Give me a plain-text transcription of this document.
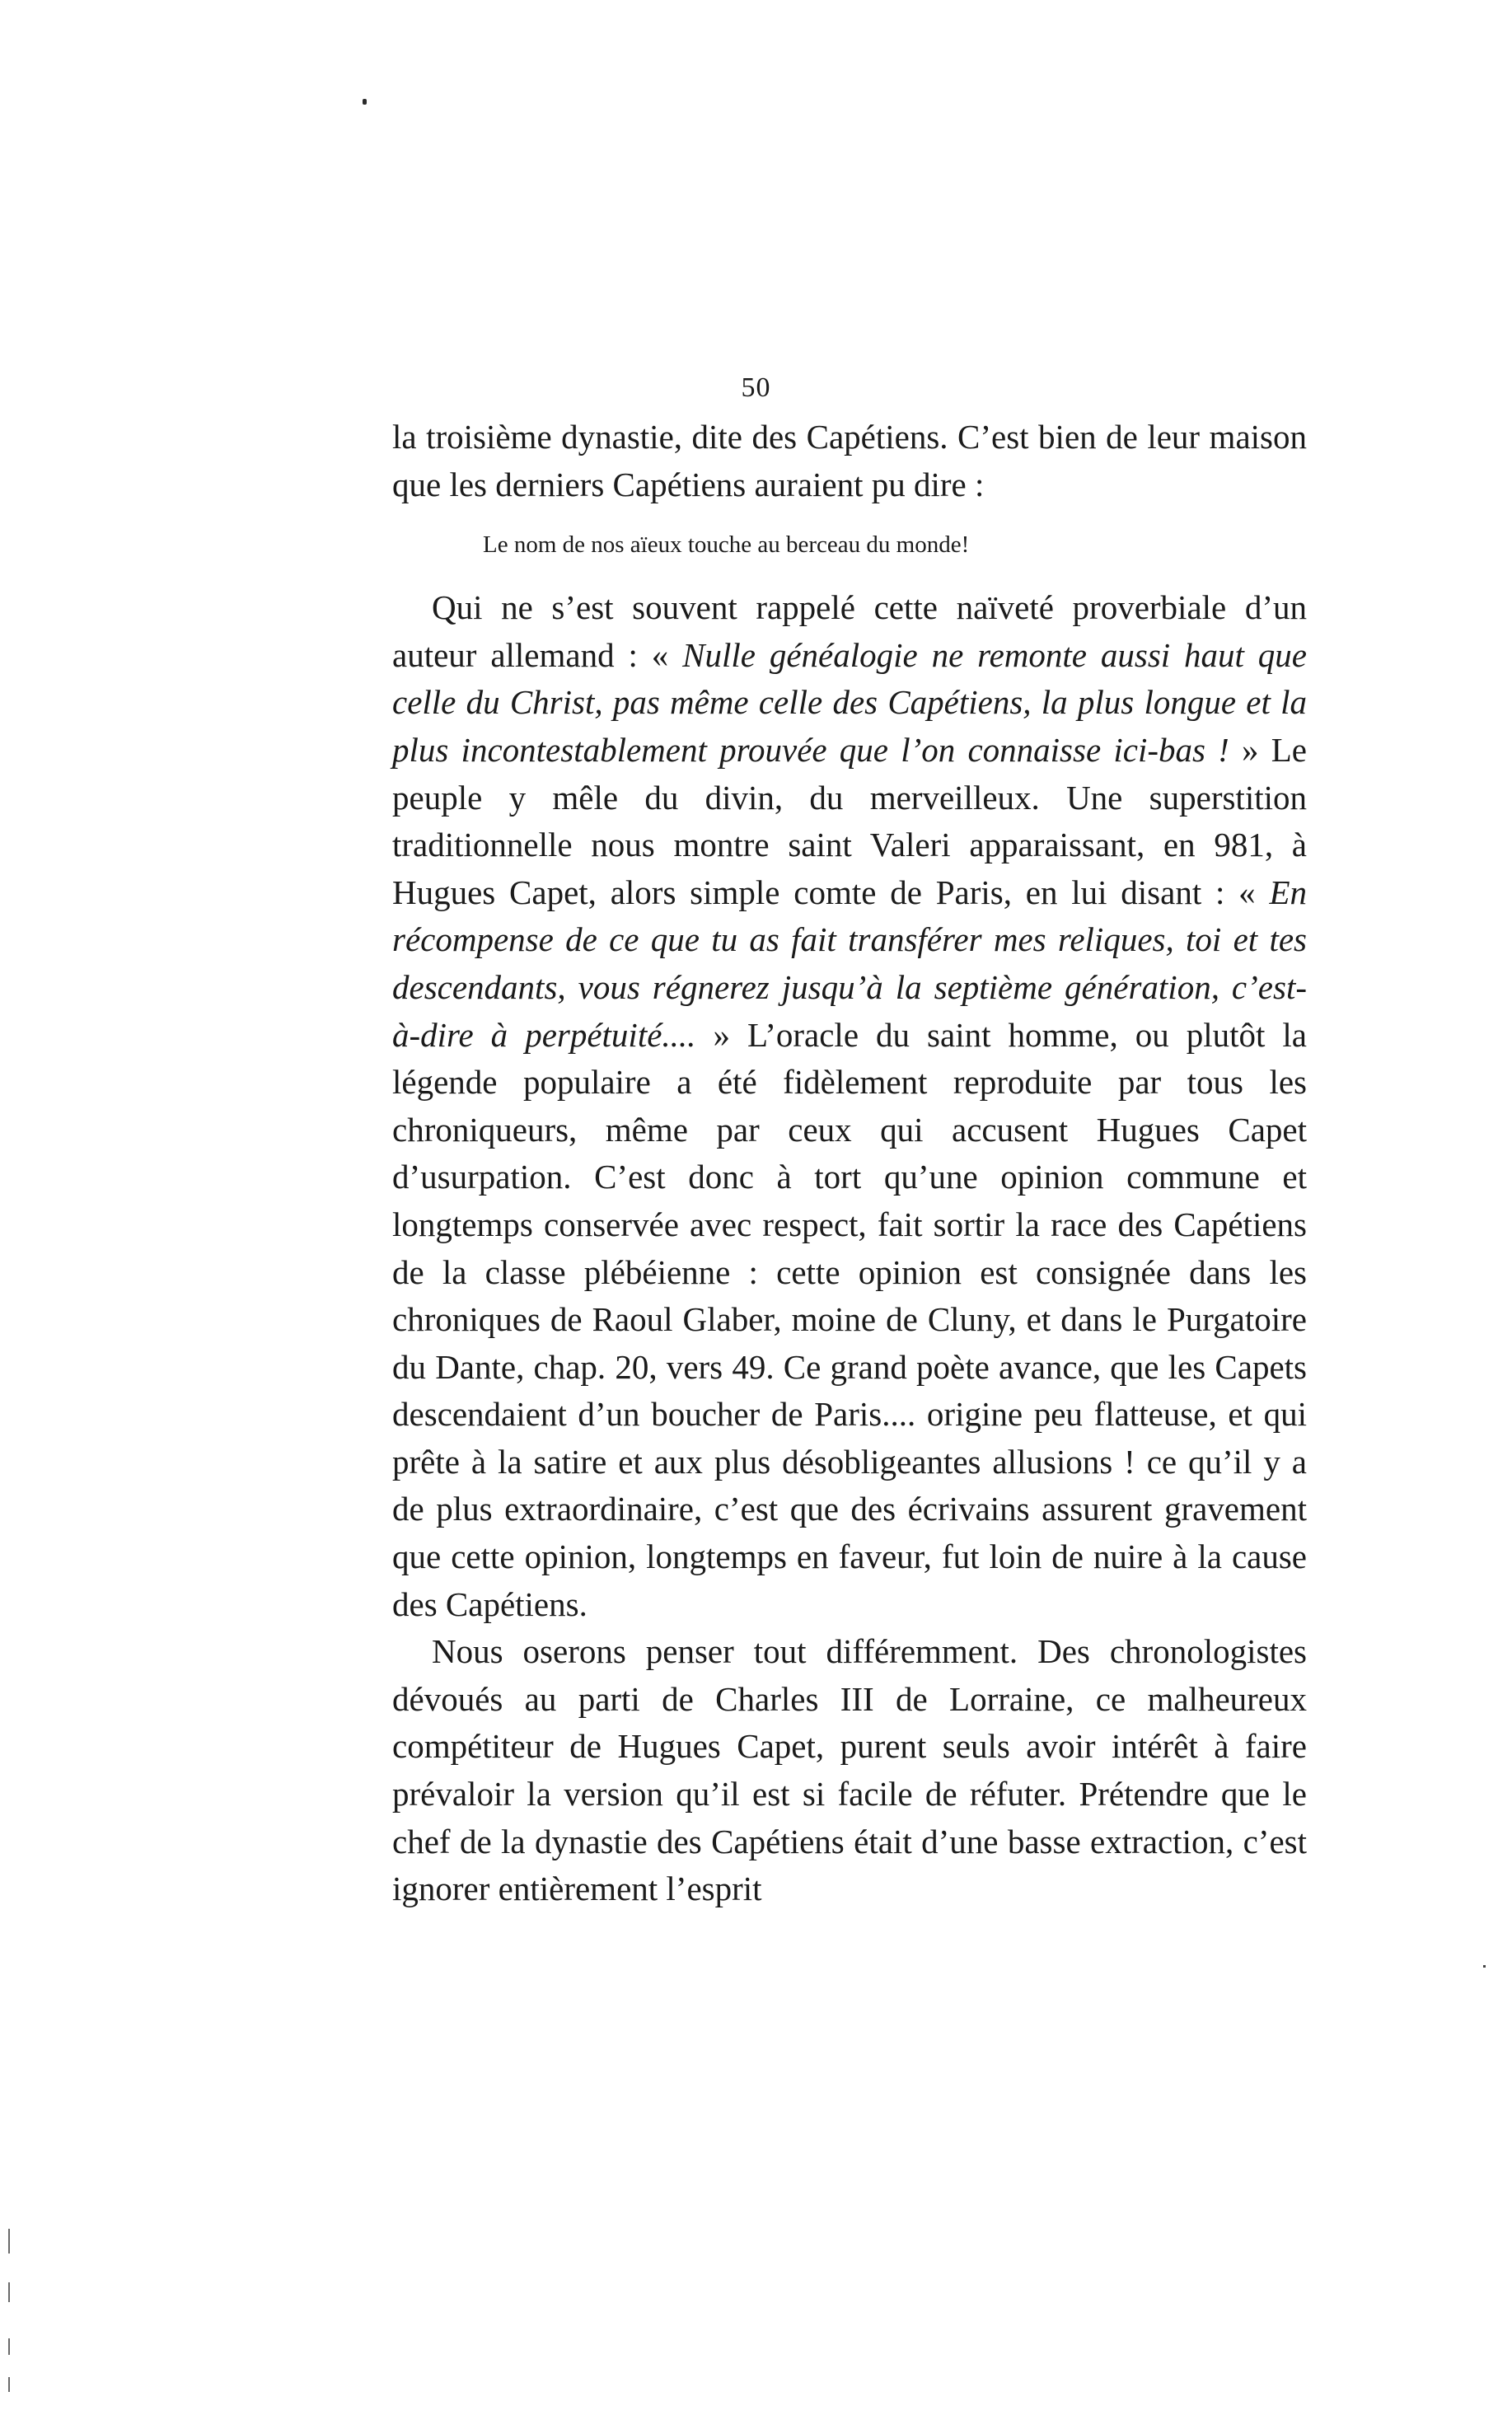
50

la troisième dynastie, dite des Capétiens. C’est bien de leur maison que les derniers Capétiens auraient pu dire :

Le nom de nos aïeux touche au berceau du monde!

Qui ne s’est souvent rappelé cette naïveté proverbiale d’un auteur allemand : « Nulle généalogie ne remonte aussi haut que celle du Christ, pas même celle des Capétiens, la plus longue et la plus incontestablement prouvée que l’on connaisse ici-bas ! » Le peuple y mêle du divin, du merveilleux. Une superstition traditionnelle nous montre saint Valeri apparaissant, en 981, à Hugues Capet, alors simple comte de Paris, en lui disant : « En récompense de ce que tu as fait transférer mes reliques, toi et tes descendants, vous régnerez jusqu’à la septième génération, c’est-à-dire à perpétuité.... » L’oracle du saint homme, ou plutôt la légende populaire a été fidèlement reproduite par tous les chroniqueurs, même par ceux qui accusent Hugues Capet d’usurpation. C’est donc à tort qu’une opinion commune et longtemps conservée avec respect, fait sortir la race des Capétiens de la classe plébéienne : cette opinion est consignée dans les chroniques de Raoul Glaber, moine de Cluny, et dans le Purgatoire du Dante, chap. 20, vers 49. Ce grand poète avance, que les Capets descendaient d’un boucher de Paris.... origine peu flatteuse, et qui prête à la satire et aux plus désobligeantes allusions ! ce qu’il y a de plus extraordinaire, c’est que des écrivains assurent gravement que cette opinion, longtemps en faveur, fut loin de nuire à la cause des Capétiens.

Nous oserons penser tout différemment. Des chronologistes dévoués au parti de Charles III de Lorraine, ce malheureux compétiteur de Hugues Capet, purent seuls avoir intérêt à faire prévaloir la version qu’il est si facile de réfuter. Prétendre que le chef de la dynastie des Capétiens était d’une basse extraction, c’est ignorer entièrement l’esprit
